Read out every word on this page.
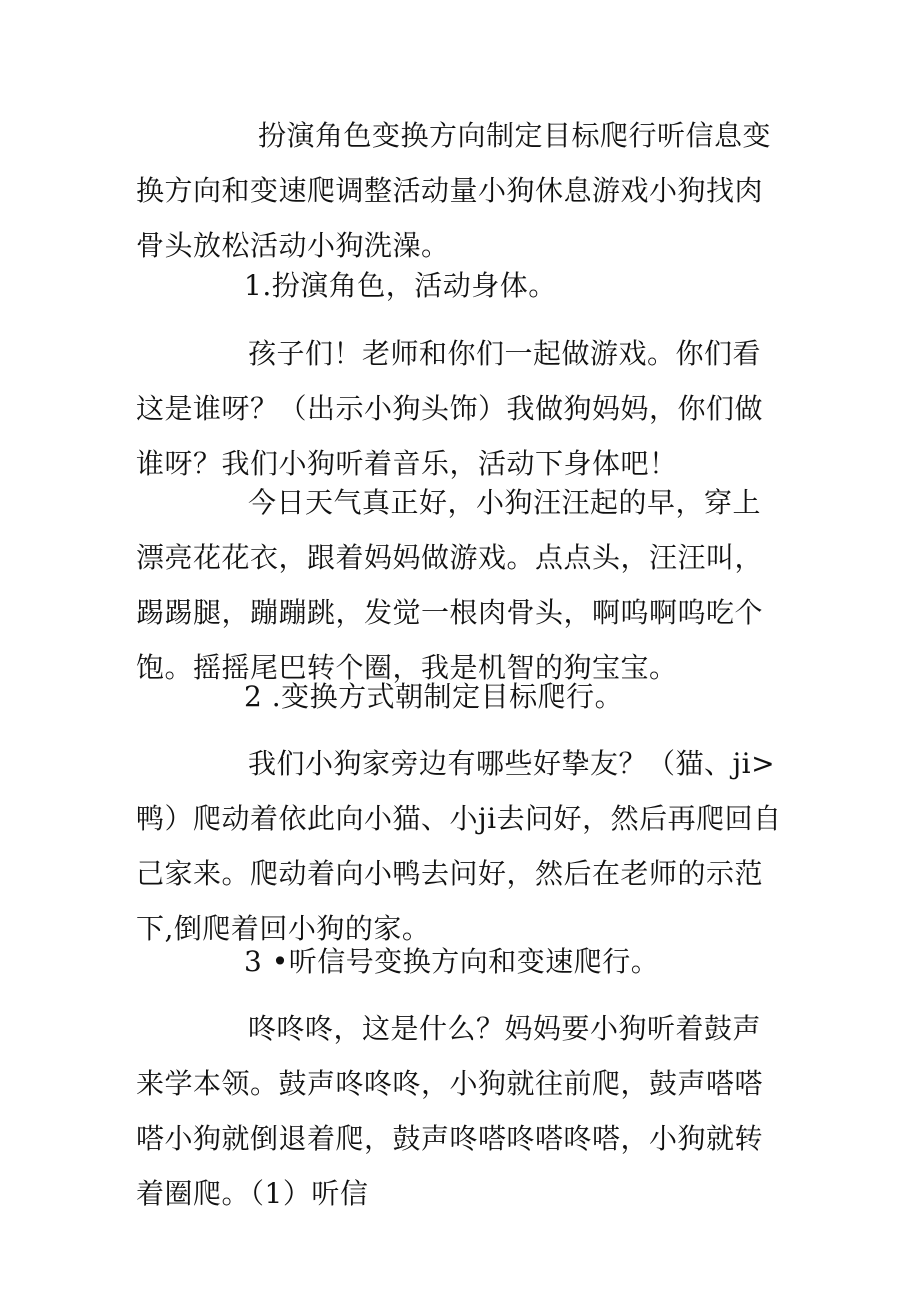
扮演角色变换方向制定目标爬行听信息变换方向和变速爬调整活动量小狗休息游戏小狗找肉骨头放松活动小狗洗澡。

1.扮演角色，活动身体。

孩子们！老师和你们一起做游戏。你们看这是谁呀？（出示小狗头饰）我做狗妈妈，你们做谁呀？我们小狗听着音乐，活动下身体吧！

今日天气真正好，小狗汪汪起的早，穿上漂亮花花衣，跟着妈妈做游戏。点点头，汪汪叫，踢踢腿，蹦蹦跳，发觉一根肉骨头，啊呜啊呜吃个饱。摇摇尾巴转个圈，我是机智的狗宝宝。

2 .变换方式朝制定目标爬行。

我们小狗家旁边有哪些好挚友？（猫、ji>鸭）爬动着依此向小猫、小ji去问好，然后再爬回自己家来。爬动着向小鸭去问好，然后在老师的示范下,倒爬着回小狗的家。

3 •听信号变换方向和变速爬行。

咚咚咚，这是什么？妈妈要小狗听着鼓声来学本领。鼓声咚咚咚，小狗就往前爬，鼓声嗒嗒嗒小狗就倒退着爬，鼓声咚嗒咚嗒咚嗒，小狗就转着圈爬。（1）听信
